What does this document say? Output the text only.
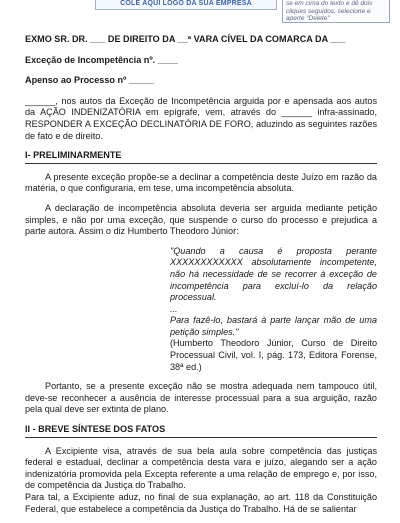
COLE AQUI LOGO DA SUA EMPRESA	se em cima do texto e dê dois cliques seguidos, selecione e aperte "Delete"
EXMO SR. DR. ___ DE DIREITO DA __ª VARA CÍVEL DA COMARCA DA ___
Exceção de Incompetência nº. ____
Apenso ao Processo nº _____
______, nos autos da Exceção de Incompetência arguida por e apensada aos autos da AÇÃO INDENIZATÓRIA em epígrafe, vem, através do ______ infra-assinado, RESPONDER A EXCEÇÃO DECLINATÓRIA DE FORO, aduzindo as seguintes razões de fato e de direito.
I- PRELIMINARMENTE
A presente exceção propõe-se a declinar a competência deste Juízo em razão da matéria, o que configuraria, em tese, uma incompetência absoluta.
A declaração de incompetência absoluta deveria ser arguida mediante petição simples, e não por uma exceção, que suspende o curso do processo e prejudica a parte autora. Assim o diz Humberto Theodoro Júnior:
"Quando a causa é proposta perante XXXXXXXXXXXX absolutamente incompetente, não há necessidade de se recorrer à exceção de incompetência para excluí-lo da relação processual.
...
Para fazê-lo, bastará à parte lançar mão de uma petição simples."
(Humberto Theodoro Júnior, Curso de Direito Processual Civil, vol. I, pág. 173, Editora Forense, 38ª ed.)
Portanto, se a presente exceção não se mostra adequada nem tampouco útil, deve-se reconhecer a ausência de interesse processual para a sua arguição, razão pela qual deve ser extinta de plano.
II - BREVE SÍNTESE DOS FATOS
A Excipiente visa, através de sua bela aula sobre competência das justiças federal e estadual, declinar a competência desta vara e juízo, alegando ser a ação indenizatória promovida pela Excepta referente a uma relação de emprego e, por isso, de competência da Justiça do Trabalho.
Para tal, a Excipiente aduz, no final de sua explanação, ao art. 118 da Constituição Federal, que estabelece a competência da Justiça do Trabalho. Há de se salientar
